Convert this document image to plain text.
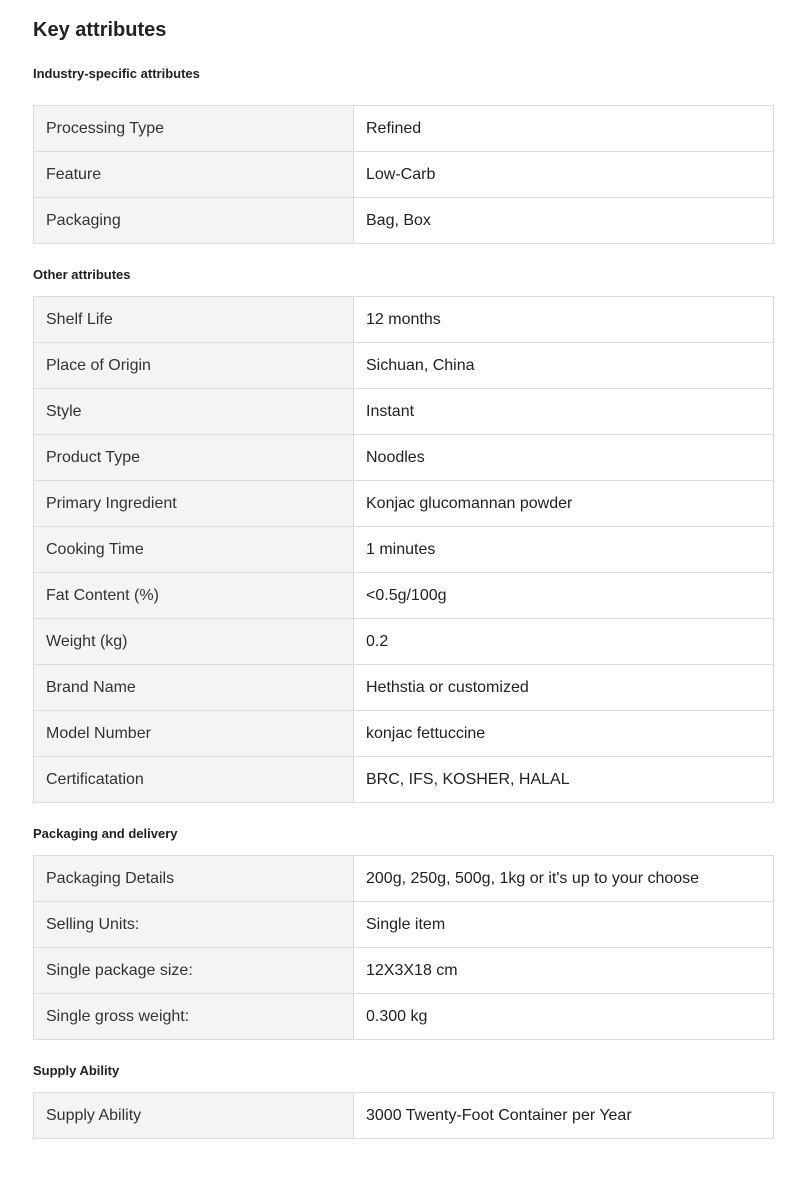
Key attributes
Industry-specific attributes
Processing Type	Refined
Feature	Low-Carb
Packaging	Bag, Box
Other attributes
Shelf Life	12 months
Place of Origin	Sichuan, China
Style	Instant
Product Type	Noodles
Primary Ingredient	Konjac glucomannan powder
Cooking Time	1 minutes
Fat Content (%)	<0.5g/100g
Weight (kg)	0.2
Brand Name	Hethstia or customized
Model Number	konjac fettuccine
Certificatation	BRC, IFS, KOSHER, HALAL
Packaging and delivery
Packaging Details	200g, 250g, 500g, 1kg or it's up to your choose
Selling Units:	Single item
Single package size:	12X3X18 cm
Single gross weight:	0.300 kg
Supply Ability
Supply Ability	3000 Twenty-Foot Container per Year
